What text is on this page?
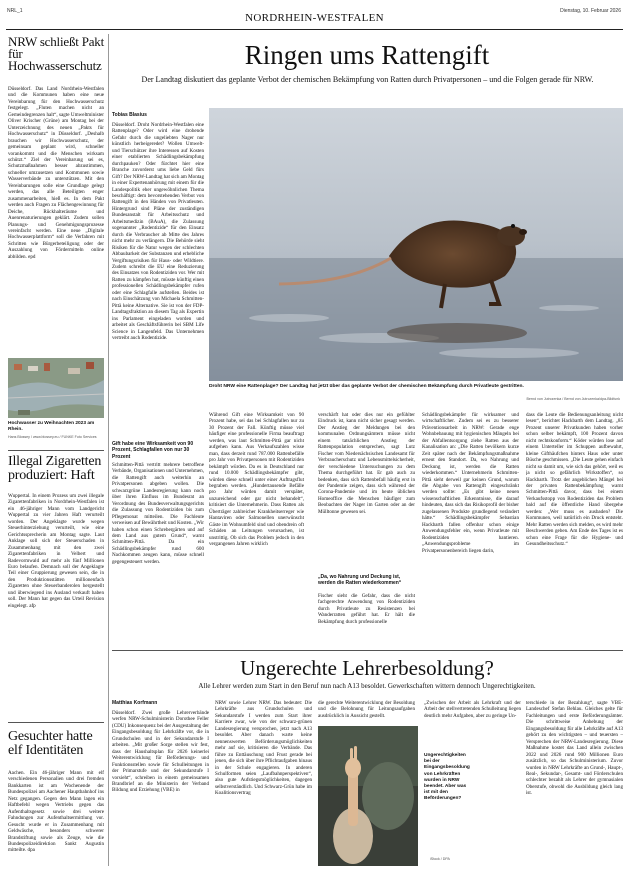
NRL_1
NORDRHEIN-WESTFALEN
Dienstag, 10. Februar 2026
NRW schließt Pakt für Hochwasserschutz
Düsseldorf. Das Land Nordrhein-Westfalen und die Kommunen haben eine neue Vereinbarung für den Hochwasserschutz festgelegt. „Fluten machen nicht an Gemeindegrenzen halt“, sagte Umweltminister Oliver Krischer (Grüne) am Montag bei der Unterzeichnung des neuen „Pakts für Hochwasserschutz“ in Düsseldorf. „Deshalb brauchen wir Hochwasserschutz, der gemeinsam geplant wird, schneller vorankommt und die Menschen wirksam schützt.“ Ziel der Vereinbarung sei es, Schutzmaßnahmen besser abzustimmen, schneller umzusetzen und Kommunen sowie Wasserverbände zu unterstützen. Mit den Vereinbarungen solle eine Grundlage gelegt werden, das alle Beteiligten enger zusammenarbeiten, hieß es. In dem Pakt werden auch Fragen zu Flächengewinnung für Deiche, Rückhalteräume und Auenrenaturierungen geklärt. Zudem sollen Planungs- und Genehmigungsprozesse vereinfacht werden. Eine neue „Digitale Hochwasserplattform“ soll die Verfahren mit Schritten wie Bürgerbeteiligung oder der Auszahlung von Fördermitteln online abbilden. epd
Hochwasser zu Weihnachten 2023 am Rhein.
Hans Blossey / www.blossey.eu / FUNKE Foto Services
Illegal Zigaretten produziert: Haft
Wuppertal. In einem Prozess um zwei illegale Zigarettenfabriken in Nordrhein-Westfalen ist ein 46-jähriger Mann vom Landgericht Wuppertal zu vier Jahren Haft verurteilt worden. Der Angeklagte wurde wegen Steuerhinterziehung verurteilt, wie eine Gerichtssprecherin am Montag sagte. Laut Anklage soll sich der Steuerschaden in Zusammenhang mit den zwei Zigarettenfabriken in Velbert und Radevormwald auf mehr als fünf Millionen Euro belaufen. Demnach soll der Angeklagte Teil einer Gruppierung gewesen sein, die in den Produktionsstätten millionenfach Zigaretten ohne Steuerbanderolen hergestellt und überwiegend ins Ausland verkauft haben soll. Der Mann hat gegen das Urteil Revision eingelegt. afp
Gesuchter hatte elf Identitäten
Aachen. Ein 46-jähriger Mann mit elf verschiedenen Personalien und drei fremden Bankkarten ist am Wochenende der Bundespolizei am Aachener Hauptbahnhof ins Netz gegangen. Gegen den Mann lagen ein Haftbefehl wegen Vertriebs gegen das Aufenthaltsgesetz sowie drei weitere Fahndungen zur Aufenthaltsermittlung vor. Gesucht wurde er in Zusammenhang mit Geldwäsche, besonders schwerer Brandstiftung sowie als Zeuge, wie die Bundespolizeidirektion Sankt Augustin mitteilte. dpa
Ringen ums Rattengift
Der Landtag diskutiert das geplante Verbot der chemischen Bekämpfung von Ratten durch Privatpersonen – und die Folgen gerade für NRW.
Tobias Blasius
Düsseldorf. Droht Nordrhein-Westfalen eine Rattenplage? Oder wird eine drohende Gefahr durch die ungeliebten Nager nur künstlich herbeigeredet? Wollen Umwelt- und Tierschützer ihre Interessen auf Kosten einer etablierten Schädlingsbekämpfung durchpauken? Oder fürchtet hier eine Branche zuvorderst ums liebe Geld fürs Gift? Der NRW-Landtag hat sich am Montag in einer Expertenanhörung mit einem für die Landespolitik eher ungewöhnlichen Thema beschäftigt: dem bevorstehenden Verbot von Rattengift in den Händen von Privatleuten. Hintergrund sind Pläne der zuständigen Bundesanstalt für Arbeitsschutz und Arbeitsmedizin (BAuA), die Zulassung sogenannter „Rodentizide“ für den Einsatz durch die Verbraucher ab Mitte des Jahres nicht mehr zu verlängern. Die Behörde sieht Risiken für die Natur wegen der schlechten Abbaubarkeit der Substanzen und erhebliche Vergiftungsrisiken für Haus- oder Wildtiere. Zudem schreibt die EU eine Reduzierung des Einsatzes von Rodentiziden vor. Wer mit Ratten zu kämpfen hat, müsste künftig einen professionellen Schädlingsbekämpfer rufen oder eine Schlagfalle aufstellen. Beides ist nach Einschätzung von Michaela Schmitten-Pittä keine Alternative. Sie ist von der FDP-Landtagsfraktion an diesem Tag als Expertin ins Parlament eingeladen worden und arbeitet als Geschäftsführerin bei SBM Life Science in Langenfeld. Das Unternehmen vertreibt auch Rodentizide.
Droht NRW eine Rattenplage? Der Landtag hat jetzt über das geplante Verbot der chemischen Bekämpfung durch Privatleute gestritten.
Bernd von Jutrczenka / Bernd von Jutrczenka/dpa-Bildfunk
Gift habe eine Wirksamkeit von 90 Prozent, Schlagfallen von nur 30 Prozent
Schmitten-Pittä vertritt mehrere betroffene Verbände, Organisationen und Unternehmen, die Rattengift auch weiterhin an Privatpersonen abgeben wollen. Die schwarzgrüne Landesregierung kann noch über ihren Einfluss im Bundesrat an Verordnung des Bundesverwaltungsgerichts die Zulassung von Rodentiziden bis zum Pflegemonat mitteilen. Die Fachleute verweisen auf Bewährtheit und Kosten. „Wir haben schon einen Schrebergärten und auf dem Land aus gutem Grund“, warnt Schmitten-Pittä. Da ein Schädlingsbekämpfer rund 600 Nachkommen zeugen kann, müsse schnell gegengesteuert werden.
Während Gift eine Wirksamkeit von 90 Prozent habe, sei das bei Schlagfallen nur zu 30 Prozent der Fall. Künftig müsse viel häufiger eine professionelle Firma beauftragt werden, was laut Schmitten-Pittä gar nicht aufgehen kann. Aus Verkaufszahlen wisse man, dass derzeit rund 787.000 Rattenbefälle pro Jahr von Privatpersonen mit Rodentiziden bekämpft würden. Da es in Deutschland nur rund 10.000 Schädlingsbekämpfer gibt, würden diese schnell unter einer Auftragsflut begraben werden. „Hundertausende Befälle pro Jahr würden damit verspätet, unzureichend oder gar nicht behandelt“, kritisiert die Unternehmerin. Dass Ratten als Überträger zahlreicher Krankheitserreger wie Hantaviren oder Salmonellen unerwünscht Gäste im Wohnumfeld sind und obendrein oft Schäden an Leitungen verursachen, ist unstrittig. Ob sich das Problem jedoch in den vergangenen Jahren wirklich
verschärft hat oder dies nur ein gefühlter Eindruck ist, kann nicht sicher gesagt werden. Der Anstieg der Meldungen bei den kommunalen Ordnungsämtern müsse nicht einem tatsächlichen Anstieg der Rattenpopulation entsprechen, sagt Lutz Fischer vom Niedersächsischen Landesamt für Verbraucherschutz und Lebensmittelsicherheit, der verschiedene Untersuchungen zu dem Thema durchgeführt hat. Er gab auch zu bedenken, dass sich Rattenbefall häufig erst in der Pandemie zeigen, dass sich während der Corona-Pandemie und im heute üblichen Homeoffice die Menschen häufiger zum Beobachten der Nager im Garten oder an der Mülltonne gewesen sei.
„Da, wo Nahrung und Deckung ist, werden die Ratten wiederkommen“
Fischer sieht die Gefahr, dass die nicht fachgerechte Anwendung von Rodentiziden durch Privatleute zu Resistenzen bei Wanderratten geführt hat. Er hält die Bekämpfung durch professionelle
Schädlingsbekämpfer für wirksamer und wirtschaftlicher. Zudem sei es zu besserer Präventionsarbeit in NRW: Gerade enge Wohnbebauung mit hygienischen Mängeln bei der Abfallentsorgung ziehe Ratten aus der Kanalisation an: „Die Ratten bevölkern kurze Zeit später nach der Bekämpfungsmaßnahme erneut den Standort. Da, wo Nahrung und Deckung ist, werden die Ratten wiederkommen.“ Unternehmerin Schmitten-Pittä sieht derweil gar keinen Grund, warum die Abgabe von Rattengift eingeschränkt werden sollte: „Es gibt keine neuen wissenschaftlichen Erkenntnisse, die darauf hindeuten, dass sich das Risikoprofil der bisher zugelassenen Produkte grundlegend verändert hätte.“ Schädlingsbekämpfer Sebastian Hackbarth fallen offenbar schon einige Anwendungsfehler ein, wenn Privatleute mit Rodentiziden hantieren. „Anwendungsprobleme im Privatpersonenbereich liegen darin,
dass die Leute die Bedienungsanleitung nicht lesen“, berichtet Hackbarth dem Landtag. „85 Prozent unserer Privatkunden haben vorher schon selber bekämpft, 100 Prozent davon nicht rechtskonform.“ Köder würden lose auf einem Unterteller im Schuppen aufbewahrt, kleine Gifthäufchen hinters Haus oder unter Büsche geschmissen. „Die Leute gehen einfach nicht so damit um, wie sich das gehört, weil es ja nicht so gefährlich Wirkstoffen“, so Hackbarth. Trotz der angeblichen Mängel bei der privaten Rattenbekämpfung warnt Schmitten-Pittä davor, dass bei einem Verkaufsstopp von Rodentiziden das Problem bald auf die öffentliche Hand übergehe werden: „Wer muss es ausbaden? Die Kommunen, weil natürlich ein Druck entsteht. Mehr Ratten werden sich melden, es wird mehr Beschwerden geben. Am Ende des Tages ist es schon eine Frage für die Hygiene- und Gesundheitsschutz.“
Ungerechte Lehrerbesoldung?
Alle Lehrer werden zum Start in den Beruf nun nach A13 besoldet. Gewerkschaften wittern dennoch Ungerechtigkeiten.
Matthias Korfmann
Düsseldorf. Zwei große Lehrerverbände werfen NRW-Schulministerin Dorothee Feller (CDU) Inkonsequenz bei der Ausgestaltung der Eingangsbesoldung für Lehrkräfte vor, die in Grundschulen und in der Sekundarstufe I arbeiten. „Mit großer Sorge stellen wir fest, dass der Haushaltsplan für 2026 keinerlei Weiterentwicklung für Beförderungs- und Funktionsstellen sowie für Schulleitungen in der Primarstufe und der Sekundarstufe I vorsieht“, schreiben in einem gemeinsamen Brandbrief an die Ministerin der Verband Bildung und Erziehung (VBE) in
NRW sowie Lehrer NRW. Das bedeutet: Die Lehrkräfte aus Grundschulen und Sekundarstufe I werden zum Start ihrer Karriere zwar, wie von der schwarz-grünen Landesregierung versprochen, jetzt nach A13 besoldet. Aber danach warte keine nennenswerten Beförderungsmöglichkeiten mehr auf sie, kritisieren die Verbände. Das führe zu Enttäuschung und Frust gerade bei jenen, die sich über ihre Pflichtaufgaben hinaus in der Schule engagieren. In anderen Schulformen seien „Laufbahnperspektiven“, also gute Aufstiegsmöglichkeiten, dagegen selbstverständlich. Und Schwarz-Grün habe im Koalitionsvertrag
die gerechte Weiterentwicklung der Besoldung und die Belohnung für Leitungsaufgaben ausdrücklich in Aussicht gestellt.
Ungerechtigkeiten bei der Eingangsbesoldung von Lehrkräften wurden in NRW beendet. Aber was ist mit den Beförderungen?
iStock / DPA
„Zwischen der Arbeit als Lehrkraft und der Arbeit der stellvertretenden Schulleitung liegen deutlich mehr Aufgaben, aber zu geringe Un-
terschiede in der Bezahlung“, sagte VBE-Landeschef Stefan Behlau. Gleiches gelte für Fachleitungen und erste Beförderungsämter. Die schrittweise Anhebung der Eingangsbesoldung für alle Lehrkräfte auf A13 gehört zu den wichtigsten – und teuersten – Versprechen der NRW-Landesregierung. Diese Maßnahme kostet das Land allein zwischen 2022 und 2026 rund 900 Millionen Euro zusätzlich, so das Schulministerium. Zuvor wurden in NRW Lehrkräfte an Grund-, Haupt-, Real-, Sekundar-, Gesamt- und Förderschulen schlechter bezahlt als Lehrer der gymnasialen Oberstufe, obwohl die Ausbildung gleich lang ist.
